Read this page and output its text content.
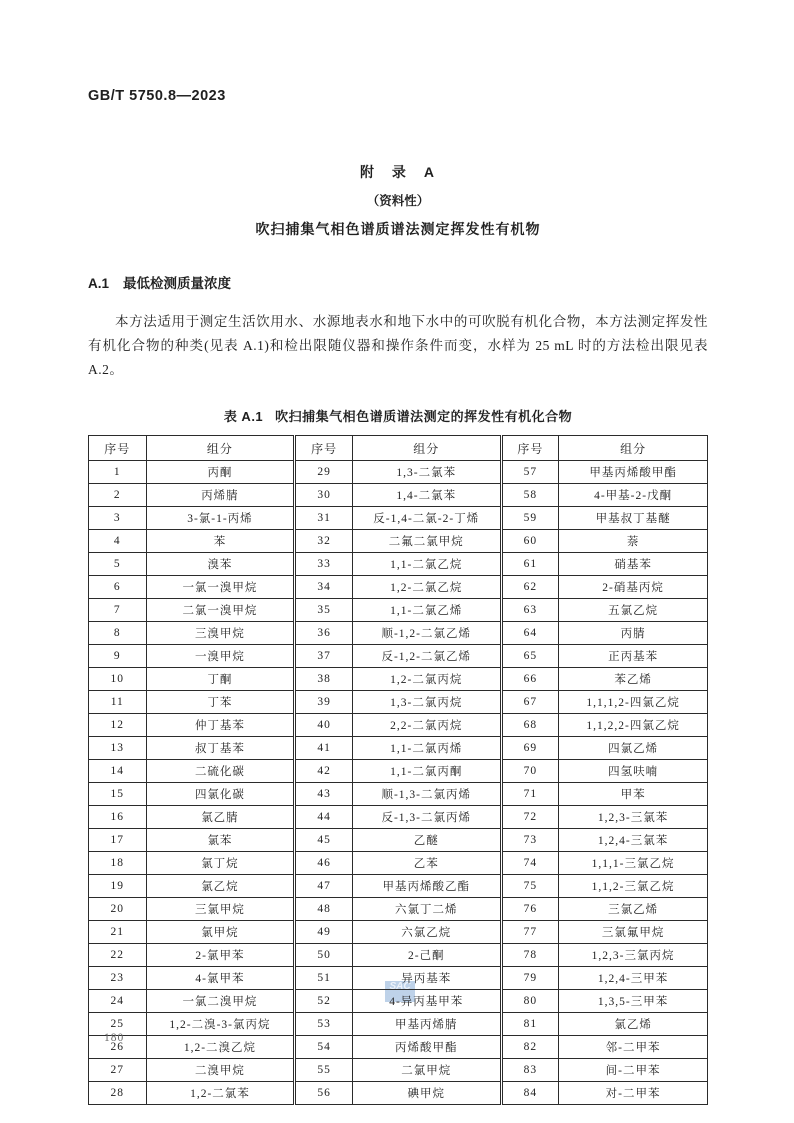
SAC
GB/T 5750.8—2023
附　录　A
（资料性）
吹扫捕集气相色谱质谱法测定挥发性有机物
A.1 最低检测质量浓度

本方法适用于测定生活饮用水、水源地表水和地下水中的可吹脱有机化合物，本方法测定挥发性有机化合物的种类(见表 A.1)和检出限随仪器和操作条件而变，水样为 25 mL 时的方法检出限见表 A.2。

表 A.1 吹扫捕集气相色谱质谱法测定的挥发性有机化合物
序号	组分	序号	组分	序号	组分
1	丙酮	29	1,3-二氯苯	57	甲基丙烯酸甲酯
2	丙烯腈	30	1,4-二氯苯	58	4-甲基-2-戊酮
3	3-氯-1-丙烯	31	反-1,4-二氯-2-丁烯	59	甲基叔丁基醚
4	苯	32	二氟二氯甲烷	60	萘
5	溴苯	33	1,1-二氯乙烷	61	硝基苯
6	一氯一溴甲烷	34	1,2-二氯乙烷	62	2-硝基丙烷
7	二氯一溴甲烷	35	1,1-二氯乙烯	63	五氯乙烷
8	三溴甲烷	36	顺-1,2-二氯乙烯	64	丙腈
9	一溴甲烷	37	反-1,2-二氯乙烯	65	正丙基苯
10	丁酮	38	1,2-二氯丙烷	66	苯乙烯
11	丁苯	39	1,3-二氯丙烷	67	1,1,1,2-四氯乙烷
12	仲丁基苯	40	2,2-二氯丙烷	68	1,1,2,2-四氯乙烷
13	叔丁基苯	41	1,1-二氯丙烯	69	四氯乙烯
14	二硫化碳	42	1,1-二氯丙酮	70	四氢呋喃
15	四氯化碳	43	顺-1,3-二氯丙烯	71	甲苯
16	氯乙腈	44	反-1,3-二氯丙烯	72	1,2,3-三氯苯
17	氯苯	45	乙醚	73	1,2,4-三氯苯
18	氯丁烷	46	乙苯	74	1,1,1-三氯乙烷
19	氯乙烷	47	甲基丙烯酸乙酯	75	1,1,2-三氯乙烷
20	三氯甲烷	48	六氯丁二烯	76	三氯乙烯
21	氯甲烷	49	六氯乙烷	77	三氯氟甲烷
22	2-氯甲苯	50	2-己酮	78	1,2,3-三氯丙烷
23	4-氯甲苯	51	异丙基苯	79	1,2,4-三甲苯
24	一氯二溴甲烷	52	4-异丙基甲苯	80	1,3,5-三甲苯
25	1,2-二溴-3-氯丙烷	53	甲基丙烯腈	81	氯乙烯
26	1,2-二溴乙烷	54	丙烯酸甲酯	82	邻-二甲苯
27	二溴甲烷	55	二氯甲烷	83	间-二甲苯
28	1,2-二氯苯	56	碘甲烷	84	对-二甲苯
180
